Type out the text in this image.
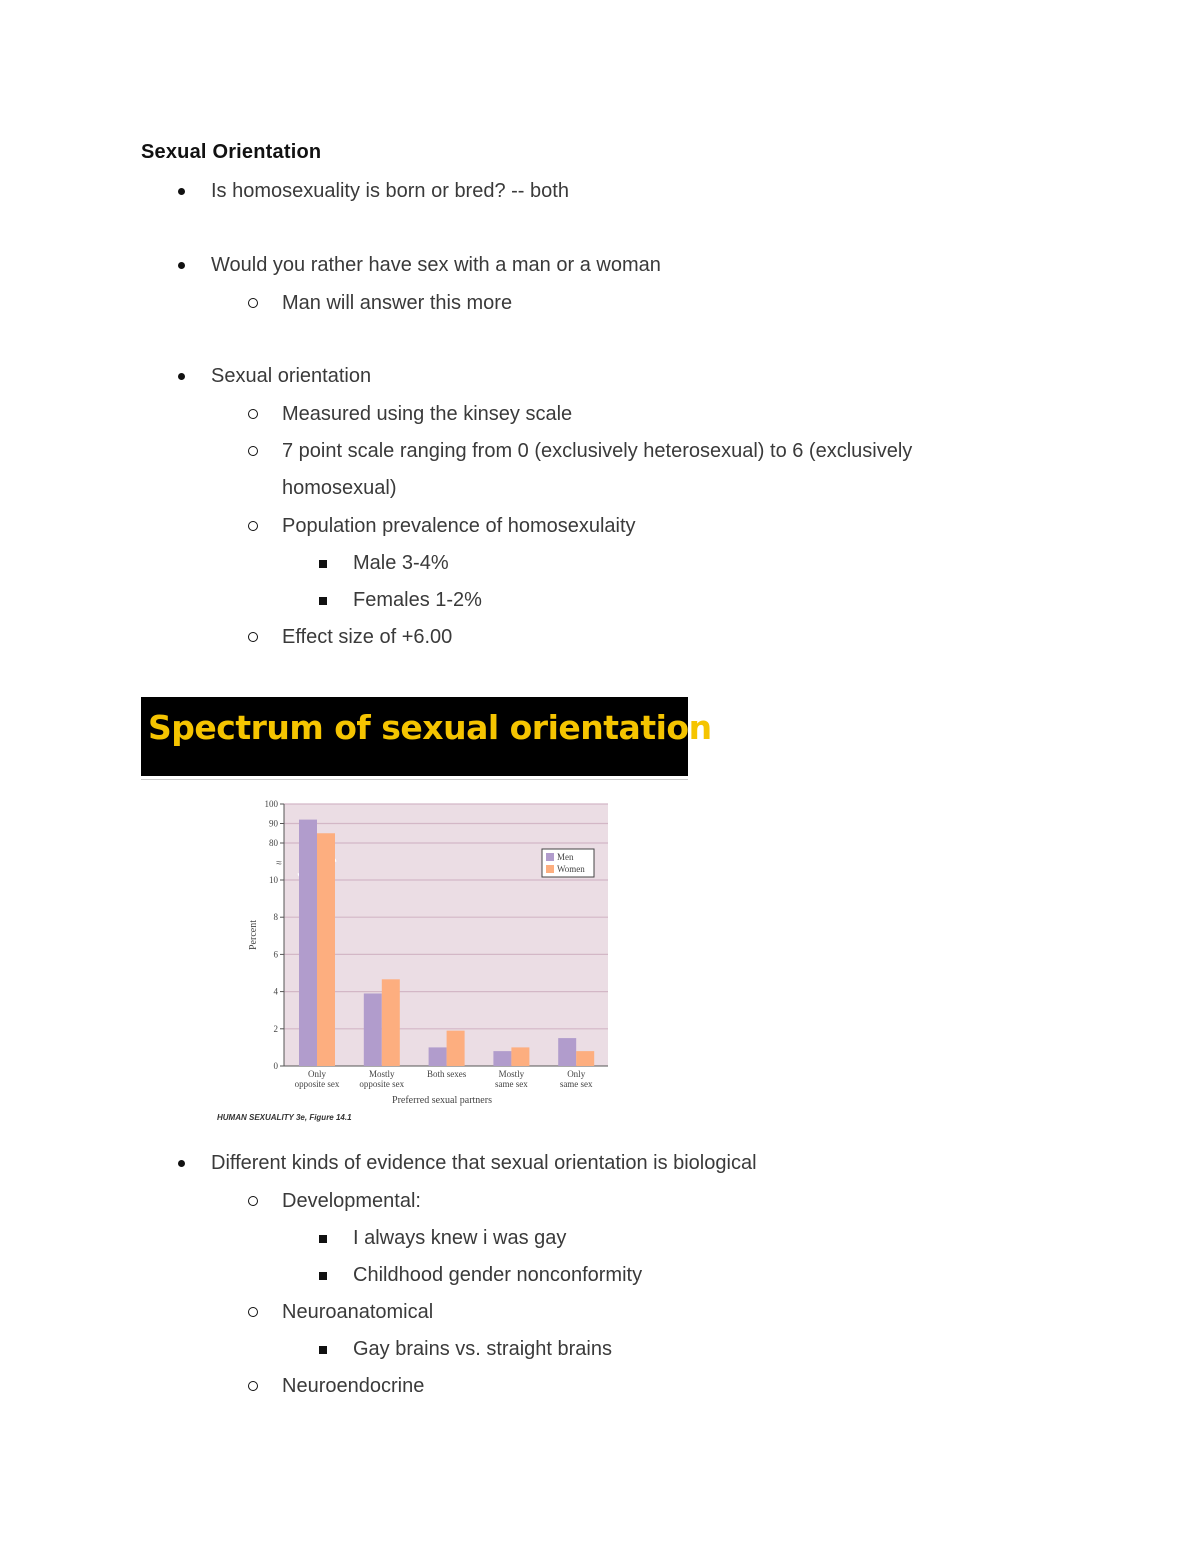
Sexual Orientation
Is homosexuality is born or bred? -- both
Would you rather have sex with a man or a woman
Man will answer this more
Sexual orientation
Measured using the kinsey scale
7 point scale ranging from 0 (exclusively heterosexual) to 6 (exclusively
homosexual)
Population prevalence of homosexulaity
Male 3-4%
Females 1-2%
Effect size of +6.00
Spectrum of sexual orientation
0
2
4
6
8
10
80
90
100
≈
Only
opposite sex
Mostly
opposite sex
Both sexes	Mostly
same sex
Only
same sex
Preferred sexual partners
Percent
Men
Women
HUMAN SEXUALITY 3e, Figure 14.1
Different kinds of evidence that sexual orientation is biological
Developmental:
I always knew i was gay
Childhood gender nonconformity
Neuroanatomical
Gay brains vs. straight brains
Neuroendocrine
